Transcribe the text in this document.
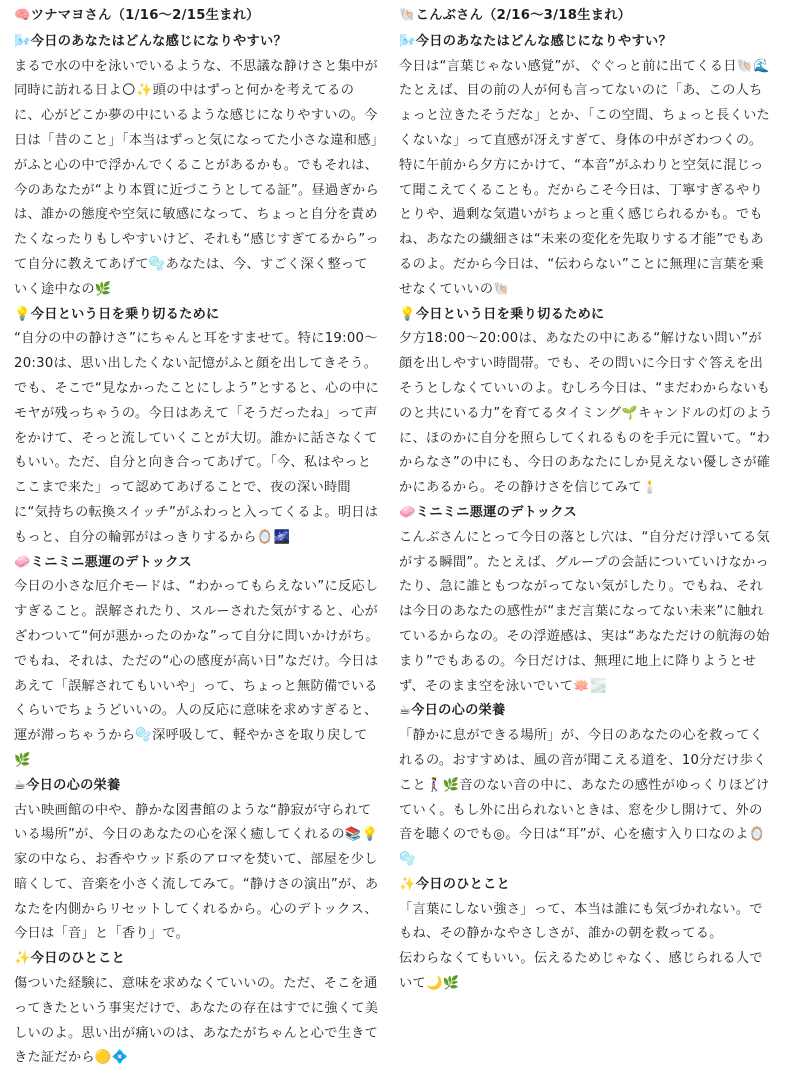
🧠ツナマヨさん（1/16〜2/15生まれ）
🌬️今日のあなたはどんな感じになりやすい？

まるで水の中を泳いでいるような、不思議な静けさと集中が同時に訪れる日よ🌕✨頭の中はずっと何かを考えてるのに、心がどこか夢の中にいるような感じになりやすいの。今日は「昔のこと」「本当はずっと気になってた小さな違和感」がふと心の中で浮かんでくることがあるかも。でもそれは、今のあなたが“より本質に近づこうとしてる証”。昼過ぎからは、誰かの態度や空気に敏感になって、ちょっと自分を責めたくなったりもしやすいけど、それも“感じすぎてるから”って自分に教えてあげて🫧あなたは、今、すごく深く整っていく途中なの🌿

💡今日という日を乗り切るために

“自分の中の静けさ”にちゃんと耳をすませて。特に19:00〜20:30は、思い出したくない記憶がふと顔を出してきそう。でも、そこで“見なかったことにしよう”とすると、心の中にモヤが残っちゃうの。今日はあえて「そうだったね」って声をかけて、そっと流していくことが大切。誰かに話さなくてもいい。ただ、自分と向き合ってあげて。「今、私はやっとここまで来た」って認めてあげることで、夜の深い時間に“気持ちの転換スイッチ”がふわっと入ってくるよ。明日はもっと、自分の輪郭がはっきりするから🪞🌌

🧼ミニミニ悪運のデトックス

今日の小さな厄介モードは、“わかってもらえない”に反応しすぎること。誤解されたり、スルーされた気がすると、心がざわついて“何が悪かったのかな”って自分に問いかけがち。でもね、それは、ただの“心の感度が高い日”なだけ。今日はあえて「誤解されてもいいや」って、ちょっと無防備でいるくらいでちょうどいいの。人の反応に意味を求めすぎると、運が滞っちゃうから🫧深呼吸して、軽やかさを取り戻して🌿

☕今日の心の栄養

古い映画館の中や、静かな図書館のような“静寂が守られている場所”が、今日のあなたの心を深く癒してくれるの📚💡家の中なら、お香やウッド系のアロマを焚いて、部屋を少し暗くして、音楽を小さく流してみて。“静けさの演出”が、あなたを内側からリセットしてくれるから。心のデトックス、今日は「音」と「香り」で。

✨今日のひとこと

傷ついた経験に、意味を求めなくていいの。ただ、そこを通ってきたという事実だけで、あなたの存在はすでに強くて美しいのよ。思い出が痛いのは、あなたがちゃんと心で生きてきた証だから🟡💠

🐚こんぶさん（2/16〜3/18生まれ）
🌬️今日のあなたはどんな感じになりやすい？

今日は“言葉じゃない感覚”が、ぐぐっと前に出てくる日🐚🌊たとえば、目の前の人が何も言ってないのに「あ、この人ちょっと泣きたそうだな」とか、「この空間、ちょっと長くいたくないな」って直感が冴えすぎて、身体の中がざわつくの。特に午前から夕方にかけて、“本音”がふわりと空気に混じって聞こえてくることも。だからこそ今日は、丁寧すぎるやりとりや、過剰な気遣いがちょっと重く感じられるかも。でもね、あなたの繊細さは“未来の変化を先取りする才能”でもあるのよ。だから今日は、“伝わらない”ことに無理に言葉を乗せなくていいの🐚

💡今日という日を乗り切るために

夕方18:00〜20:00は、あなたの中にある“解けない問い”が顔を出しやすい時間帯。でも、その問いに今日すぐ答えを出そうとしなくていいのよ。むしろ今日は、“まだわからないものと共にいる力”を育てるタイミング🌱キャンドルの灯のように、ほのかに自分を照らしてくれるものを手元に置いて。“わからなさ”の中にも、今日のあなたにしか見えない優しさが確かにあるから。その静けさを信じてみて🕯️

🧼ミニミニ悪運のデトックス

こんぶさんにとって今日の落とし穴は、“自分だけ浮いてる気がする瞬間”。たとえば、グループの会話についていけなかったり、急に誰ともつながってない気がしたり。でもね、それは今日のあなたの感性が“まだ言葉になってない未来”に触れているからなの。その浮遊感は、実は“あなただけの航海の始まり”でもあるの。今日だけは、無理に地上に降りようとせず、そのまま空を泳いでいて🪷🌫️

☕今日の心の栄養

「静かに息ができる場所」が、今日のあなたの心を救ってくれるの。おすすめは、風の音が聞こえる道を、10分だけ歩くこと🚶‍♀️🌿音のない音の中に、あなたの感性がゆっくりほどけていく。もし外に出られないときは、窓を少し開けて、外の音を聴くのでも◎。今日は“耳”が、心を癒す入り口なのよ🪞🫧

✨今日のひとこと

「言葉にしない強さ」って、本当は誰にも気づかれない。でもね、その静かなやさしさが、誰かの朝を救ってる。

伝わらなくてもいい。伝えるためじゃなく、感じられる人でいて🌙🌿
